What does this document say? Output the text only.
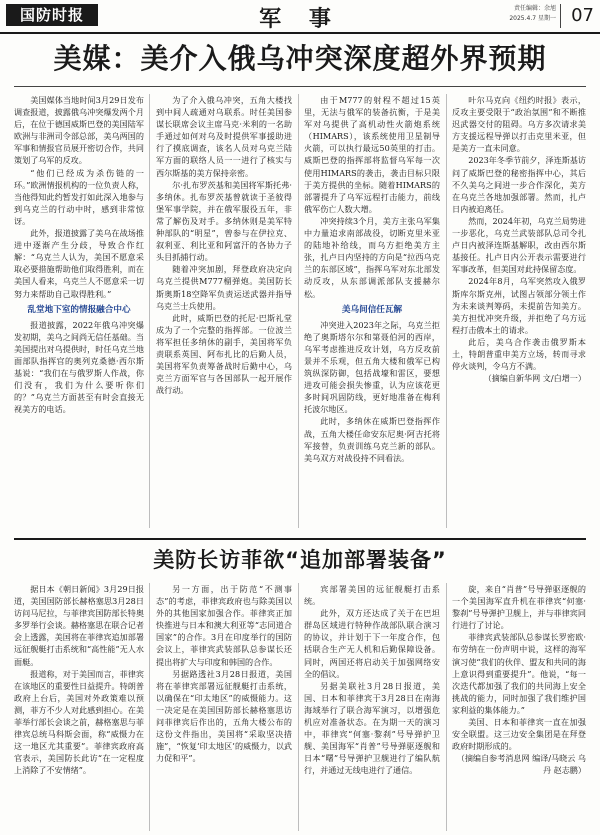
国防时报	军 事	责任编辑：余旭
2025.4.7 星期一 07
美媒：美介入俄乌冲突深度超外界预期

美国媒体当地时间3月29日发布调查报道，披露俄乌冲突爆发两个月后，在位于德国威斯巴登的美国陆军欧洲与非洲司令部总部，美乌两国的军事和情报官员展开密切合作，共同策划了乌军的反攻。

“他们已经成为杀伤链的一环。”欧洲情报机构的一位负责人称，当他得知此约暂发打如此深入地参与到乌克兰的行动中时，感到非常惊讶。

此外，报道披露了美乌在战场推进中逐渐产生分歧，导致合作红解：“乌克兰人认为，美国不愿意采取必要措施帮助他们取得胜利，而在美国人看来，乌克兰人不愿意采一切努力来帮助自己取得胜利。”

乱堂地下室的情报融合中心

报道披露，2022年俄乌冲突爆发初期，美乌之间尚无信任基础。当美国提出对乌提供时，时任乌克兰地面部队指挥官的奥列克桑德·西尔斯基说：“我们在与俄罗斯人作战，你们没有，我们为什么要听你们的？”乌克兰方面甚至有时会直接无视美方的电话。

为了介入俄乌冲突，五角大楼找到中间人疏通对乌联系。时任美国参谋长联席会议主席马克·米利的一名助手通过如何对乌及时提供军事援助进行了摸底调查，该名人员对乌克兰陆军方面的联络人员一一进行了核实与西尔斯基的美方保持亲密。

尔·扎布罗茨基和美国将军斯托弗·多纳休。扎布罗茨基曾就读于圣彼得堡军事学院，并在俄军服役五年，非常了解伤及对手。多纳休则是美军特种部队的“明星”，曾参与在伊拉克、叙利亚、利比亚和阿富汗的各协力子头目抓捕行动。

随着冲突加剧，拜登政府决定向乌克兰提供M777榴弹炮。美国防长斯奥斯18空降军负责运送武器并指导乌克兰士兵使用。

此时，威斯巴登的托尼·巴斯礼堂成为了一个完整的指挥部。一位波兰将军担任多纳休的副手，美国将军负责联系英国、阿布扎比的后勤人员，美国将军负责筹备战时后勤中心，乌克兰方面军官与各国部队一起开展作战行动。

由于M777的射程不超过15英里，无法与俄军的装备抗衡，于是美军对乌提供了高机动性火箭炮系统（HIMARS），该系统使用卫星制导火箭，可以执行最远50英里的打击。威斯巴登的指挥部将监督乌军每一次使用HIMARS的袭击，袭击目标只限于美方提供的坐标。随着HIMARS的部署提升了乌军远程打击能力，前线俄军伤亡人数大增。

冲突持续3个月，美方主张乌军集中力量追求南部战役，切断克里米亚的陆地补给线，而乌方拒绝美方主张，扎卢日内坚持的方向是“拉西乌克兰的东部区域”，指挥乌军对东北部发动反攻，从东部调派部队支援赫尔松。

美乌间信任瓦解

冲突进入2023年之际，乌克兰拒绝了奥斯塔尔尔和第聂伯河的西岸，乌军考虑推进反攻计划，乌方反攻前景并不乐观，但五角大楼和俄军已构筑纵深防御，包括战壕和雷区，要想进攻可能会损失惨重，认为应该花更多时间巩固防线，更好地准备在梅利托波尔地区。

此时，多纳休在威斯巴登指挥作战，五角大楼任命安东尼奥·阿吉托将军接替，负责训练乌克兰新的部队。美乌双方对战役持不同看法。

叶尔马克向《纽约时报》表示，反攻主要受限于“政治氛围”和不断推迟武器交付的阻碍。乌方多次请求美方支援远程导弹以打击克里米亚，但是美方一直未同意。

2023年冬季节前夕，泽连斯基访问了威斯巴登的秘密指挥中心，其后不久美乌之间进一步合作深化，美方在乌克兰各地加强部署。然而，扎卢日内被迫离任。

然而，2024年初，乌克兰局势进一步恶化，乌克兰武装部队总司令扎卢日内被泽连斯基解职，改由西尔斯基接任。扎卢日内公开表示需要进行军事改革，但美国对此持保留态度。

2024年8月，乌军突然攻入俄罗斯库尔斯克州，试图占领部分领土作为未来谈判筹码，未提前告知美方。美方担忧冲突升级，并拒绝了乌方远程打击俄本土的请求。

此后，美乌合作袭击俄罗斯本土，特朗普重申美方立场，转而寻求停火谈判，令乌方不满。

（摘编自新华网 文/白增一）

美防长访菲欲“追加部署装备”

据日本《朝日新闻》3月29日报道，美国国防部长赫格塞思3月28日访问马尼拉，与菲律宾国防部长特奥多罗举行会谈。赫格塞思在联合记者会上透露，美国将在菲律宾追加部署远征舰艇打击系统和“高性能”无人水面艇。

报道称，对于美国而言，菲律宾在该地区的重要性日益提升。特朗普政府上台后，美国对外政策难以预测，菲方不少人对此感到担心。在美菲举行部长会谈之前，赫格塞思与菲律宾总统马科斯会面，称“威慑力在这一地区尤其重要”。菲律宾政府高官表示，美国防长此访“在一定程度上消除了不安情绪”。

另一方面，出于防范“不测事态”的考虑，菲律宾政府也与除美国以外的其他国家加强合作。菲律宾正加快推进与日本和澳大利亚等“志同道合国家”的合作。3月在印度举行的国防会议上，菲律宾武装部队总参谋长还提出将扩大与印度和韩国的合作。

另据路透社3月28日报道，美国将在菲律宾部署远征舰艇打击系统，以确保在“印太地区”的威慑能力。这一决定是在美国国防部长赫格塞思访问菲律宾后作出的，五角大楼公布的这份文件指出，美国将“采取坚决措施”，“恢复‘印太地区’的威慑力，以武力促和平”。

宾部署美国的远征舰艇打击系统。

此外，双方还达成了关于在巴坦群岛区域进行特种作战部队联合演习的协议，并计划于下一年度合作，包括联合生产无人机和后勤保障设备。同时，两国还将启动关于加强网络安全的倡议。

另据美联社3月28日报道，美国、日本和菲律宾于3月28日在南海海域举行了联合海军演习，以增强危机应对准备状态。在为期一天的演习中，菲律宾“何塞·黎刹”号导弹护卫舰、美国海军“肖普”号导弹驱逐舰和日本“曙”号导弹护卫舰进行了编队航行，并通过无线电进行了通信。

旋，来自“肖普”号导弹驱逐舰的一个美国海军直升机在菲律宾“何塞·黎刹”号导弹护卫舰上，并与菲律宾同行进行了讨论。

菲律宾武装部队总参谋长罗密欧·布劳纳在一份声明中说，这样的海军演习使“我们的伙伴、盟友和共同的海上意识得到重要提升”。他说，“每一次迭代都加强了我们的共同海上安全挑战的能力，同时加强了我们维护国家利益的集体能力。”

美国、日本和菲律宾一直在加强安全联盟。这三边安全集团是在拜登政府时期形成的。

（摘编自参考消息网 编译/马晓云 乌丹 赵志鹏）
